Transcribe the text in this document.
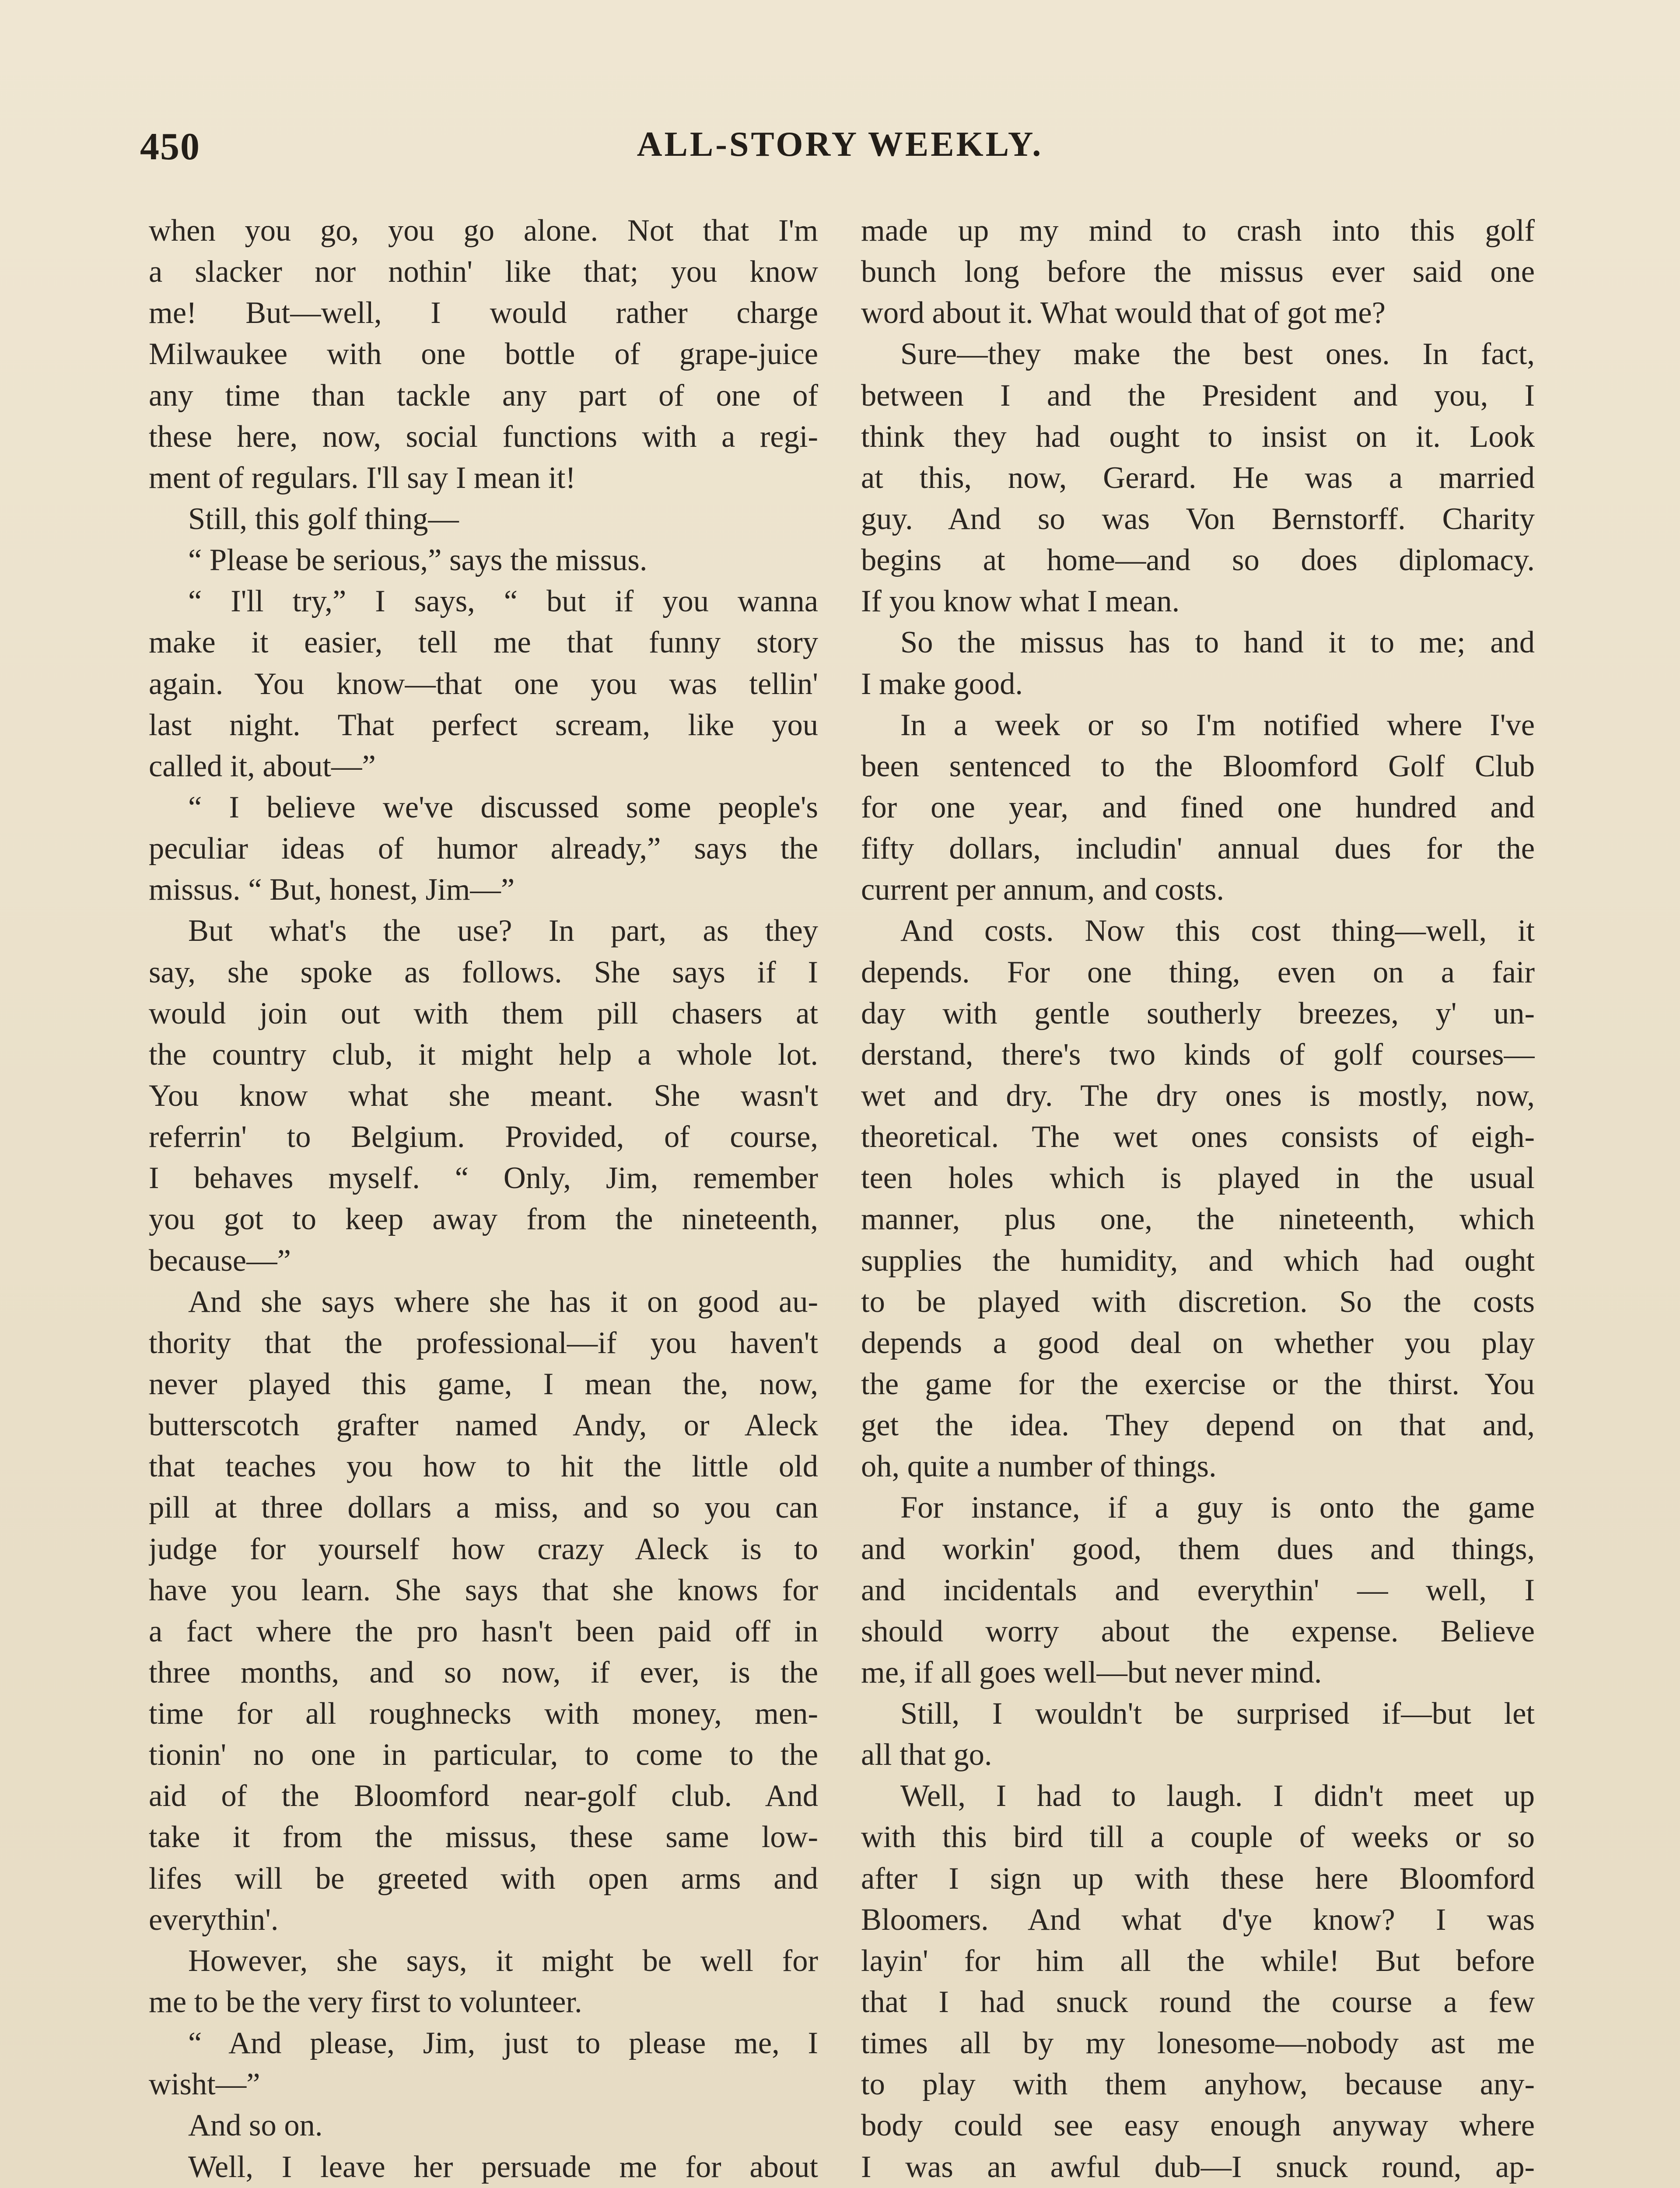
450	ALL-STORY WEEKLY.
when you go, you go alone. Not that I'm
a slacker nor nothin' like that; you know
me! But—well, I would rather charge
Milwaukee with one bottle of grape-juice
any time than tackle any part of one of
these here, now, social functions with a regi-
ment of regulars. I'll say I mean it!
Still, this golf thing—
“ Please be serious,” says the missus.
“ I'll try,” I says, “ but if you wanna
make it easier, tell me that funny story
again. You know—that one you was tellin'
last night. That perfect scream, like you
called it, about—”
“ I believe we've discussed some people's
peculiar ideas of humor already,” says the
missus. “ But, honest, Jim—”
But what's the use? In part, as they
say, she spoke as follows. She says if I
would join out with them pill chasers at
the country club, it might help a whole lot.
You know what she meant. She wasn't
referrin' to Belgium. Provided, of course,
I behaves myself. “ Only, Jim, remember
you got to keep away from the nineteenth,
because—”
And she says where she has it on good au-
thority that the professional—if you haven't
never played this game, I mean the, now,
butterscotch grafter named Andy, or Aleck
that teaches you how to hit the little old
pill at three dollars a miss, and so you can
judge for yourself how crazy Aleck is to
have you learn. She says that she knows for
a fact where the pro hasn't been paid off in
three months, and so now, if ever, is the
time for all roughnecks with money, men-
tionin' no one in particular, to come to the
aid of the Bloomford near-golf club. And
take it from the missus, these same low-
lifes will be greeted with open arms and
everythin'.
However, she says, it might be well for
me to be the very first to volunteer.
“ And please, Jim, just to please me, I
wisht—”
And so on.
Well, I leave her persuade me for about
made up my mind to crash into this golf
bunch long before the missus ever said one
word about it. What would that of got me?
Sure—they make the best ones. In fact,
between I and the President and you, I
think they had ought to insist on it. Look
at this, now, Gerard. He was a married
guy. And so was Von Bernstorff. Charity
begins at home—and so does diplomacy.
If you know what I mean.
So the missus has to hand it to me; and
I make good.
In a week or so I'm notified where I've
been sentenced to the Bloomford Golf Club
for one year, and fined one hundred and
fifty dollars, includin' annual dues for the
current per annum, and costs.
And costs. Now this cost thing—well, it
depends. For one thing, even on a fair
day with gentle southerly breezes, y' un-
derstand, there's two kinds of golf courses—
wet and dry. The dry ones is mostly, now,
theoretical. The wet ones consists of eigh-
teen holes which is played in the usual
manner, plus one, the nineteenth, which
supplies the humidity, and which had ought
to be played with discretion. So the costs
depends a good deal on whether you play
the game for the exercise or the thirst. You
get the idea. They depend on that and,
oh, quite a number of things.
For instance, if a guy is onto the game
and workin' good, them dues and things,
and incidentals and everythin' — well, I
should worry about the expense. Believe
me, if all goes well—but never mind.
Still, I wouldn't be surprised if—but let
all that go.
Well, I had to laugh. I didn't meet up
with this bird till a couple of weeks or so
after I sign up with these here Bloomford
Bloomers. And what d'ye know? I was
layin' for him all the while! But before
that I had snuck round the course a few
times all by my lonesome—nobody ast me
to play with them anyhow, because any-
body could see easy enough anyway where
I was an awful dub—I snuck round, ap-
